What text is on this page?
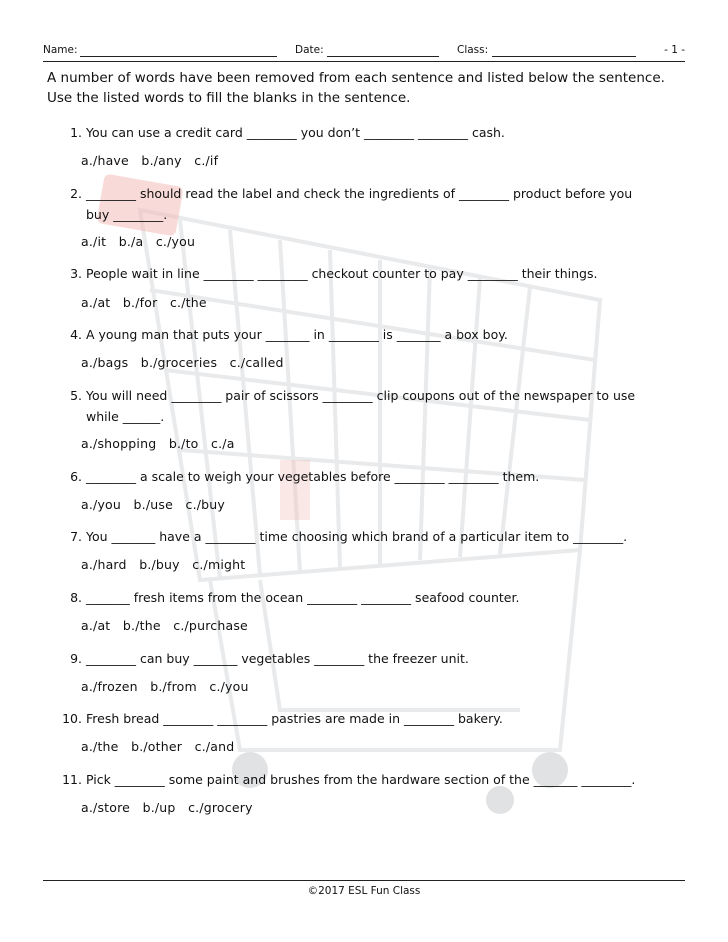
Name:	Date:	Class:	- 1 -
A number of words have been removed from each sentence and listed below the sentence. Use the listed words to fill the blanks in the sentence.
1. You can use a credit card ________ you don’t ________ ________ cash.
a./have   b./any   c./if
2. ________ should read the label and check the ingredients of ________ product before you
buy ________.
a./it   b./a   c./you
3. People wait in line ________ ________ checkout counter to pay ________ their things.
a./at   b./for   c./the
4. A young man that puts your _______ in ________ is _______ a box boy.
a./bags   b./groceries   c./called
5. You will need ________ pair of scissors ________ clip coupons out of the newspaper to use
while ______.
a./shopping   b./to   c./a
6. ________ a scale to weigh your vegetables before ________ ________ them.
a./you   b./use   c./buy
7. You _______ have a ________ time choosing which brand of a particular item to ________.
a./hard   b./buy   c./might
8. _______ fresh items from the ocean ________ ________ seafood counter.
a./at   b./the   c./purchase
9. ________ can buy _______ vegetables ________ the freezer unit.
a./frozen   b./from   c./you
10. Fresh bread ________ ________ pastries are made in ________ bakery.
a./the   b./other   c./and
11. Pick ________ some paint and brushes from the hardware section of the _______ ________.
a./store   b./up   c./grocery
©2017 ESL Fun Class
